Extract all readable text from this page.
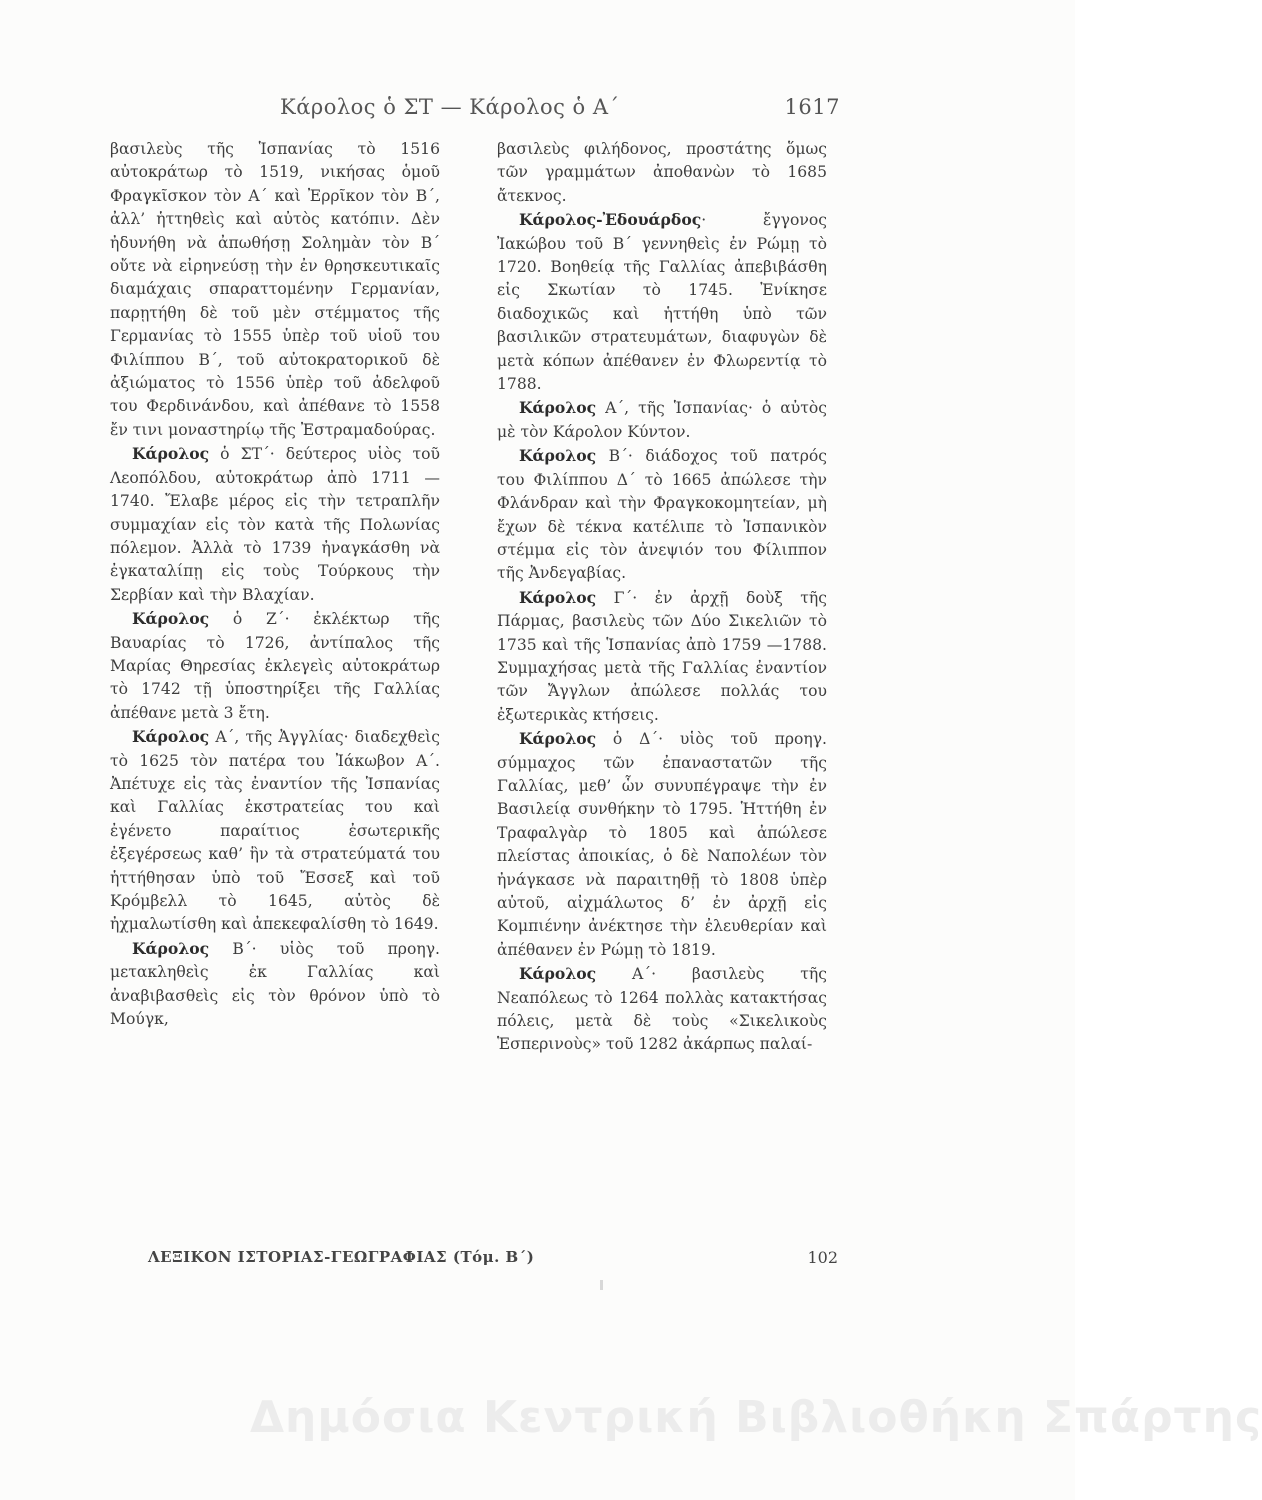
Κάρολος ὁ ΣΤ — Κάρολος ὁ Α΄	1617

βασιλεὺς τῆς Ἱσπανίας τὸ 1516 αὐτοκράτωρ τὸ 1519, νικήσας ὁμοῦ Φραγκῖσκον τὸν Α΄ καὶ Ἐρρῖκον τὸν Β΄, ἀλλ’ ἡττηθεὶς καὶ αὐτὸς κατόπιν. Δὲν ἠδυνήθη νὰ ἀπωθήσῃ Σολημὰν τὸν Β΄ οὔτε νὰ εἰρηνεύσῃ τὴν ἐν θρησκευτικαῖς διαμάχαις σπαραττομένην Γερμανίαν, παρῃτήθη δὲ τοῦ μὲν στέμματος τῆς Γερμανίας τὸ 1555 ὑπὲρ τοῦ υἱοῦ του Φιλίππου Β΄, τοῦ αὐτοκρατορικοῦ δὲ ἀξιώματος τὸ 1556 ὑπὲρ τοῦ ἀδελφοῦ του Φερδινάνδου, καὶ ἀπέθανε τὸ 1558 ἔν τινι μοναστηρίῳ τῆς Ἐστραμαδούρας.

Κάρολος ὁ ΣΤ΄· δεύτερος υἱὸς τοῦ Λεοπόλδου, αὐτοκράτωρ ἀπὸ 1711 —1740. Ἔλαβε μέρος εἰς τὴν τετραπλῆν συμμαχίαν εἰς τὸν κατὰ τῆς Πολωνίας πόλεμον. Ἀλλὰ τὸ 1739 ἠναγκάσθη νὰ ἐγκαταλίπῃ εἰς τοὺς Τούρκους τὴν Σερβίαν καὶ τὴν Βλαχίαν.

Κάρολος ὁ Ζ΄· ἐκλέκτωρ τῆς Βαυαρίας τὸ 1726, ἀντίπαλος τῆς Μαρίας Θηρεσίας ἐκλεγεὶς αὐτοκράτωρ τὸ 1742 τῇ ὑποστηρίξει τῆς Γαλλίας ἀπέθανε μετὰ 3 ἔτη.

Κάρολος Α΄, τῆς Ἀγγλίας· διαδεχθεὶς τὸ 1625 τὸν πατέρα του Ἰάκωβον Α΄. Ἀπέτυχε εἰς τὰς ἐναντίον τῆς Ἱσπανίας καὶ Γαλλίας ἐκστρατείας του καὶ ἐγένετο παραίτιος ἐσωτερικῆς ἐξεγέρσεως καθ’ ἣν τὰ στρατεύματά του ἡττήθησαν ὑπὸ τοῦ Ἔσσεξ καὶ τοῦ Κρόμβελλ τὸ 1645, αὐτὸς δὲ ἠχμαλωτίσθη καὶ ἀπεκεφαλίσθη τὸ 1649.

Κάρολος Β΄· υἱὸς τοῦ προηγ. μετακληθεὶς ἐκ Γαλλίας καὶ ἀναβιβασθεὶς εἰς τὸν θρόνον ὑπὸ τὸ Μούγκ,

βασιλεὺς φιλήδονος, προστάτης ὅμως τῶν γραμμάτων ἀποθανὼν τὸ 1685 ἄτεκνος.

Κάρολος-Ἐδουάρδος· ἔγγονος Ἰακώβου τοῦ Β΄ γεννηθεὶς ἐν Ρώμῃ τὸ 1720. Βοηθείᾳ τῆς Γαλλίας ἀπεβιβάσθη εἰς Σκωτίαν τὸ 1745. Ἐνίκησε διαδοχικῶς καὶ ἡττήθη ὑπὸ τῶν βασιλικῶν στρατευμάτων, διαφυγὼν δὲ μετὰ κόπων ἀπέθανεν ἐν Φλωρεντίᾳ τὸ 1788.

Κάρολος Α΄, τῆς Ἱσπανίας· ὁ αὐτὸς μὲ τὸν Κάρολον Κύντον.

Κάρολος Β΄· διάδοχος τοῦ πατρός του Φιλίππου Δ΄ τὸ 1665 ἀπώλεσε τὴν Φλάνδραν καὶ τὴν Φραγκοκομητείαν, μὴ ἔχων δὲ τέκνα κατέλιπε τὸ Ἱσπανικὸν στέμμα εἰς τὸν ἀνεψιόν του Φίλιππον τῆς Ἀνδεγαβίας.

Κάρολος Γ΄· ἐν ἀρχῇ δοὺξ τῆς Πάρμας, βασιλεὺς τῶν Δύο Σικελιῶν τὸ 1735 καὶ τῆς Ἱσπανίας ἀπὸ 1759 —1788. Συμμαχήσας μετὰ τῆς Γαλλίας ἐναντίον τῶν Ἄγγλων ἀπώλεσε πολλάς του ἐξωτερικὰς κτήσεις.

Κάρολος ὁ Δ΄· υἱὸς τοῦ προηγ. σύμμαχος τῶν ἐπαναστατῶν τῆς Γαλλίας, μεθ’ ὧν συνυπέγραψε τὴν ἐν Βασιλείᾳ συνθήκην τὸ 1795. Ἡττήθη ἐν Τραφαλγὰρ τὸ 1805 καὶ ἀπώλεσε πλείστας ἀποικίας, ὁ δὲ Ναπολέων τὸν ἠνάγκασε νὰ παραιτηθῇ τὸ 1808 ὑπὲρ αὐτοῦ, αἰχμάλωτος δ’ ἐν ἀρχῇ εἰς Κομπιένην ἀνέκτησε τὴν ἐλευθερίαν καὶ ἀπέθανεν ἐν Ρώμῃ τὸ 1819.

Κάρολος Α΄· βασιλεὺς τῆς Νεαπόλεως τὸ 1264 πολλὰς κατακτήσας πόλεις, μετὰ δὲ τοὺς «Σικελικοὺς Ἑσπερινοὺς» τοῦ 1282 ἀκάρπως παλαί-

ΛΕΞΙΚΟΝ ΙΣΤΟΡΙΑΣ-ΓΕΩΓΡΑΦΙΑΣ (Τόμ. Β΄)	102
Δημόσια Κεντρική Βιβλιοθήκη Σπάρτης
